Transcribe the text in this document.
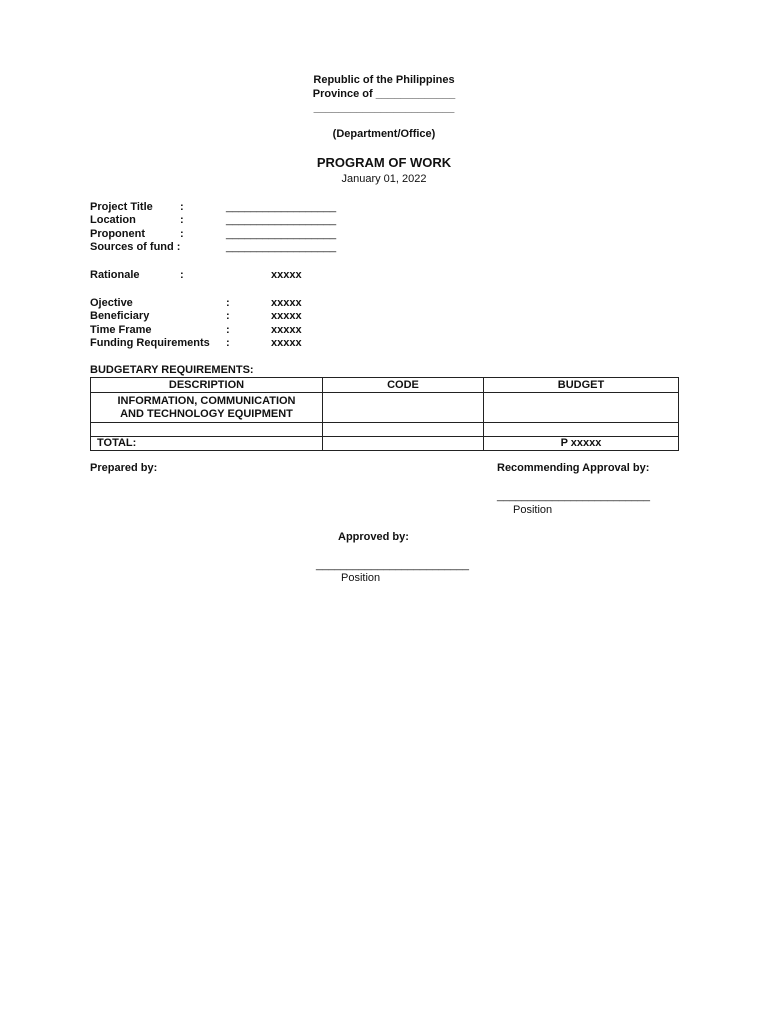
Republic of the Philippines
Province of _____________
_______________________
(Department/Office)
PROGRAM OF WORK
January 01, 2022
Project Title :	__________________
Location	:	__________________
Proponent	:	__________________
Sources of fund :	__________________
Rationale	:	xxxxx
Ojective	:	xxxxx
Beneficiary	:	xxxxx
Time Frame	:	xxxxx
Funding Requirements :	xxxxx
BUDGETARY REQUIREMENTS:
DESCRIPTION	CODE	BUDGET

INFORMATION, COMMUNICATION
AND TECHNOLOGY EQUIPMENT		

TOTAL:		P xxxxx
Prepared by:	Recommending Approval by:
_________________________
Position
Approved by:
_________________________
Position
